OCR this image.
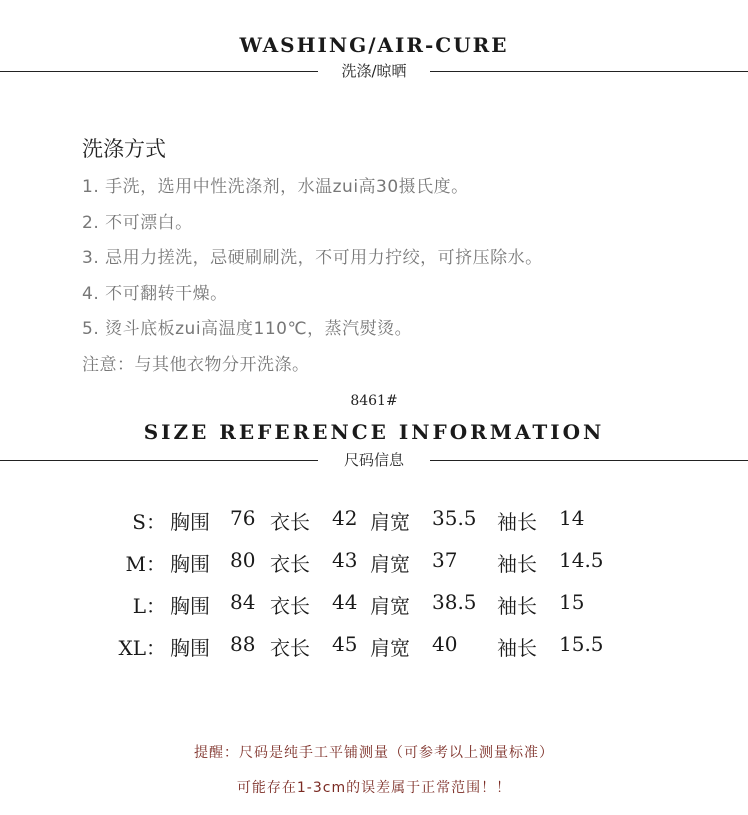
WASHING/AIR-CURE
洗涤/晾晒
洗涤方式
1. 手洗，选用中性洗涤剂，水温zui高30摄氏度。
2. 不可漂白。
3. 忌用力搓洗，忌硬刷刷洗，不可用力拧绞，可挤压除水。
4. 不可翻转干燥。
5. 烫斗底板zui高温度110℃，蒸汽熨烫。
注意：与其他衣物分开洗涤。
8461#
SIZE REFERENCE INFORMATION
尺码信息
S： 胸围 76 衣长 42 肩宽 35.5 袖长 14
M： 胸围 80 衣长 43 肩宽 37 袖长 14.5
L： 胸围 84 衣长 44 肩宽 38.5 袖长 15
XL： 胸围 88 衣长 45 肩宽 40 袖长 15.5
提醒：尺码是纯手工平铺测量（可参考以上测量标准）
可能存在1-3cm的误差属于正常范围！！
